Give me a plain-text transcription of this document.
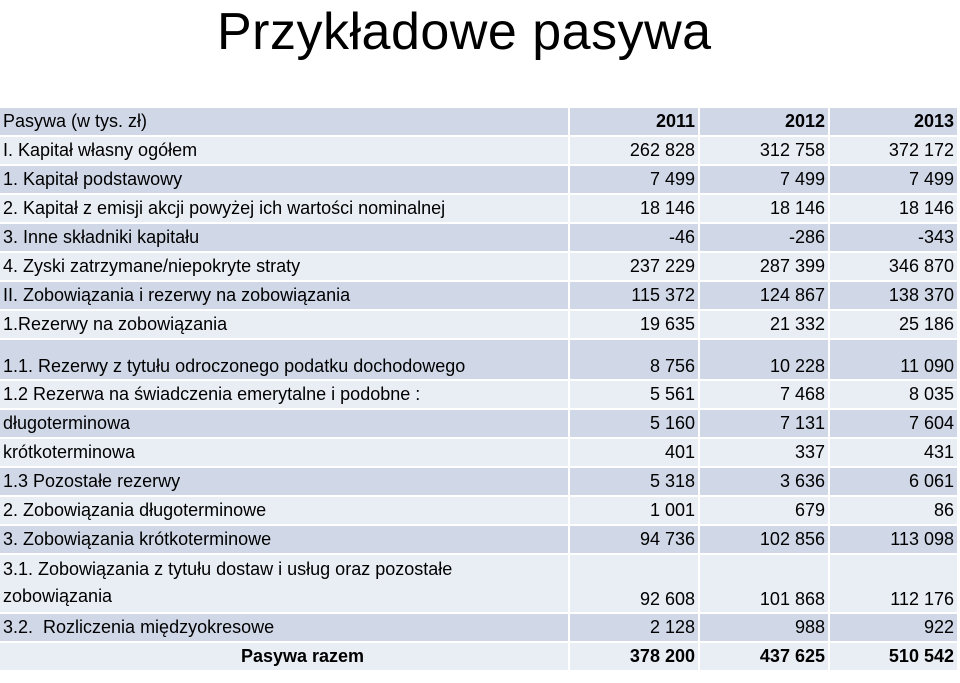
Przykładowe pasywa
Pasywa (w tys. zł)	2011	2012	2013
I. Kapitał własny ogółem	262 828	312 758	372 172
1. Kapitał podstawowy	7 499	7 499	7 499
2. Kapitał z emisji akcji powyżej ich wartości nominalnej	18 146	18 146	18 146
3. Inne składniki kapitału	-46	-286	-343
4. Zyski zatrzymane/niepokryte straty	237 229	287 399	346 870
II. Zobowiązania i rezerwy na zobowiązania	115 372	124 867	138 370
1.Rezerwy na zobowiązania	19 635	21 332	25 186
1.1. Rezerwy z tytułu odroczonego podatku dochodowego	8 756	10 228	11 090
1.2 Rezerwa na świadczenia emerytalne i podobne :	5 561	7 468	8 035
długoterminowa	5 160	7 131	7 604
krótkoterminowa	401	337	431
1.3 Pozostałe rezerwy	5 318	3 636	6 061
2. Zobowiązania długoterminowe	1 001	679	86
3. Zobowiązania krótkoterminowe	94 736	102 856	113 098
3.1. Zobowiązania z tytułu dostaw i usług oraz pozostałe zobowiązania	92 608	101 868	112 176
3.2.  Rozliczenia międzyokresowe	2 128	988	922
Pasywa razem	378 200	437 625	510 542
